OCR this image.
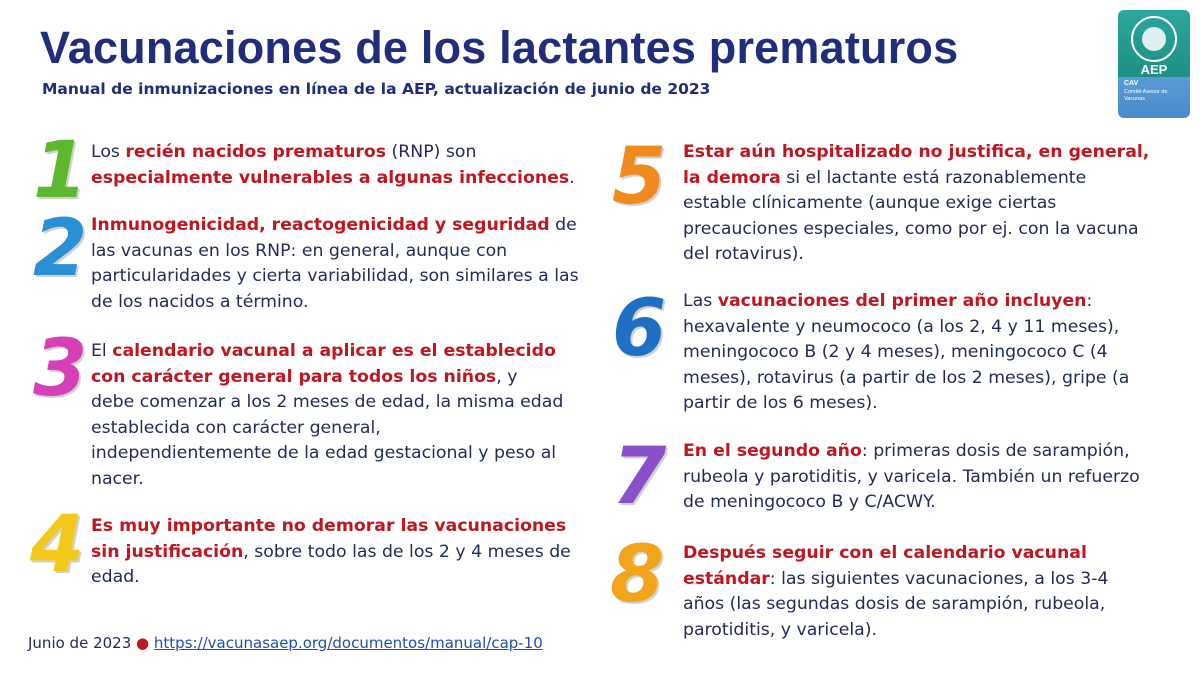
Vacunaciones de los lactantes prematuros
Manual de inmunizaciones en línea de la AEP, actualización de junio de 2023
AEP
CAV
Comité Asesor de Vacunas
1 Los recién nacidos prematuros (RNP) son
especialmente vulnerables a algunas infecciones.
2 Inmunogenicidad, reactogenicidad y seguridad de las vacunas en los RNP: en general, aunque con particularidades y cierta variabilidad, son similares a las de los nacidos a término.
3 El calendario vacunal a aplicar es el establecido con carácter general para todos los niños, y debe comenzar a los 2 meses de edad, la misma edad establecida con carácter general, independientemente de la edad gestacional y peso al nacer.
4 Es muy importante no demorar las vacunaciones sin justificación, sobre todo las de los 2 y 4 meses de edad.
5 Estar aún hospitalizado no justifica, en general, la demora si el lactante está razonablemente estable clínicamente (aunque exige ciertas precauciones especiales, como por ej. con la vacuna del rotavirus).
6 Las vacunaciones del primer año incluyen: hexavalente y neumococo (a los 2, 4 y 11 meses), meningococo B (2 y 4 meses), meningococo C (4 meses), rotavirus (a partir de los 2 meses), gripe (a partir de los 6 meses).
7 En el segundo año: primeras dosis de sarampión, rubeola y parotiditis, y varicela. También un refuerzo de meningococo B y C/ACWY.
8 Después seguir con el calendario vacunal estándar: las siguientes vacunaciones, a los 3-4 años (las segundas dosis de sarampión, rubeola, parotiditis, y varicela).
Junio de 2023 ● https://vacunasaep.org/documentos/manual/cap-10
